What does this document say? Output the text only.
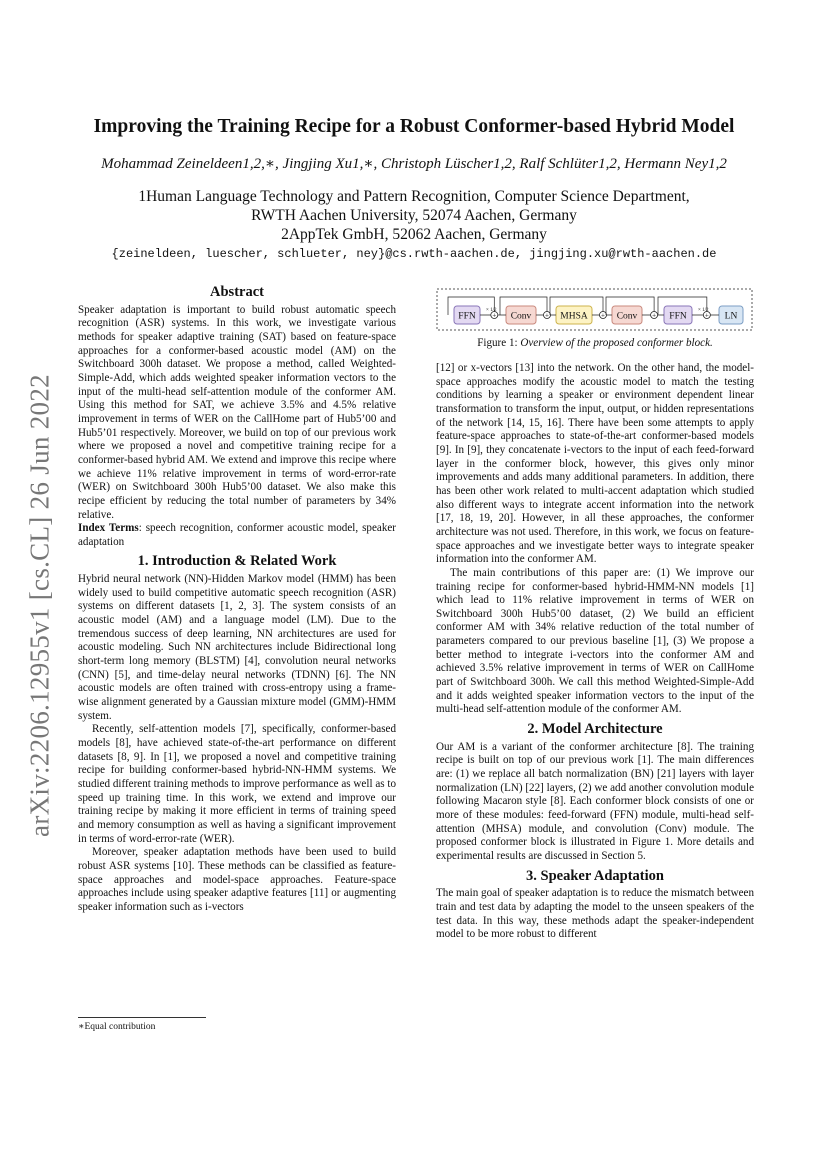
arXiv:2206.12955v1 [cs.CL] 26 Jun 2022
Improving the Training Recipe for a Robust Conformer-based Hybrid Model
Mohammad Zeineldeen1,2,∗, Jingjing Xu1,∗, Christoph Lüscher1,2, Ralf Schlüter1,2, Hermann Ney1,2
1Human Language Technology and Pattern Recognition, Computer Science Department,
RWTH Aachen University, 52074 Aachen, Germany
2AppTek GmbH, 52062 Aachen, Germany
{zeineldeen, luescher, schlueter, ney}@cs.rwth-aachen.de, jingjing.xu@rwth-aachen.de
Abstract

Speaker adaptation is important to build robust automatic speech recognition (ASR) systems. In this work, we investigate various methods for speaker adaptive training (SAT) based on feature-space approaches for a conformer-based acoustic model (AM) on the Switchboard 300h dataset. We propose a method, called Weighted-Simple-Add, which adds weighted speaker information vectors to the input of the multi-head self-attention module of the conformer AM. Using this method for SAT, we achieve 3.5% and 4.5% relative improvement in terms of WER on the CallHome part of Hub5’00 and Hub5’01 respectively. Moreover, we build on top of our previous work where we proposed a novel and competitive training recipe for a conformer-based hybrid AM. We extend and improve this recipe where we achieve 11% relative improvement in terms of word-error-rate (WER) on Switchboard 300h Hub5’00 dataset. We also make this recipe efficient by reducing the total number of parameters by 34% relative.

Index Terms: speech recognition, conformer acoustic model, speaker adaptation

1. Introduction & Related Work

Hybrid neural network (NN)-Hidden Markov model (HMM) has been widely used to build competitive automatic speech recognition (ASR) systems on different datasets [1, 2, 3]. The system consists of an acoustic model (AM) and a language model (LM). Due to the tremendous success of deep learning, NN architectures are used for acoustic modeling. Such NN architectures include Bidirectional long short-term long memory (BLSTM) [4], convolution neural networks (CNN) [5], and time-delay neural networks (TDNN) [6]. The NN acoustic models are often trained with cross-entropy using a frame-wise alignment generated by a Gaussian mixture model (GMM)-HMM system.

Recently, self-attention models [7], specifically, conformer-based models [8], have achieved state-of-the-art performance on different datasets [8, 9]. In [1], we proposed a novel and competitive training recipe for building conformer-based hybrid-NN-HMM systems. We studied different training methods to improve performance as well as to speed up training time. In this work, we extend and improve our training recipe by making it more efficient in terms of training speed and memory consumption as well as having a significant improvement in terms of word-error-rate (WER).

Moreover, speaker adaptation methods have been used to build robust ASR systems [10]. These methods can be classified as feature-space approaches and model-space approaches. Feature-space approaches include using speaker adaptive features [11] or augmenting speaker information such as i-vectors

∗Equal contribution
FFN	Conv	MHSA	Conv	FFN	LN
+	+	+	+	+
× 1/2	× 1/2
Figure 1: Overview of the proposed conformer block.

[12] or x-vectors [13] into the network. On the other hand, the model-space approaches modify the acoustic model to match the testing conditions by learning a speaker or environment dependent linear transformation to transform the input, output, or hidden representations of the network [14, 15, 16]. There have been some attempts to apply feature-space approaches to state-of-the-art conformer-based models [9]. In [9], they concatenate i-vectors to the input of each feed-forward layer in the conformer block, however, this gives only minor improvements and adds many additional parameters. In addition, there has been other work related to multi-accent adaptation which studied also different ways to integrate accent information into the network [17, 18, 19, 20]. However, in all these approaches, the conformer architecture was not used. Therefore, in this work, we focus on feature-space approaches and we investigate better ways to integrate speaker information into the conformer AM.

The main contributions of this paper are: (1) We improve our training recipe for conformer-based hybrid-HMM-NN models [1] which lead to 11% relative improvement in terms of WER on Switchboard 300h Hub5’00 dataset, (2) We build an efficient conformer AM with 34% relative reduction of the total number of parameters compared to our previous baseline [1], (3) We propose a better method to integrate i-vectors into the conformer AM and achieved 3.5% relative improvement in terms of WER on CallHome part of Switchboard 300h. We call this method Weighted-Simple-Add and it adds weighted speaker information vectors to the input of the multi-head self-attention module of the conformer AM.

2. Model Architecture

Our AM is a variant of the conformer architecture [8]. The training recipe is built on top of our previous work [1]. The main differences are: (1) we replace all batch normalization (BN) [21] layers with layer normalization (LN) [22] layers, (2) we add another convolution module following Macaron style [8]. Each conformer block consists of one or more of these modules: feed-forward (FFN) module, multi-head self-attention (MHSA) module, and convolution (Conv) module. The proposed conformer block is illustrated in Figure 1. More details and experimental results are discussed in Section 5.

3. Speaker Adaptation

The main goal of speaker adaptation is to reduce the mismatch between train and test data by adapting the model to the unseen speakers of the test data. In this way, these methods adapt the speaker-independent model to be more robust to different
